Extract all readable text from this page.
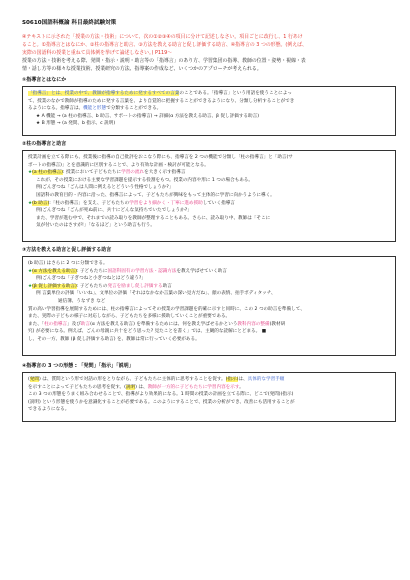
S0610国語科概論 科目最終試験対策
④テキストに示された「授業の方法・技術」について、次の①②③④の項目に分けて記述しなさい。項目ごとに改行し、1 行あけ
ること。①指導言とはなにか、②柱の指導言と助言、③方法を教える助言と促し評価する助言、④指導言の 3 つの形態。(例えば、
実際の国語科の授業と重ねて具体例を挙げて論述しなさい。) P119〜
授業の方法・技術を考える際、発問・指示・説明・助言等の「指導言」のあり方、学習集団の指導、教師の位置・姿勢・視線・表
情・話し方等の様々な授業技術、授業研究の方法、指導案の作成など、いくつかのアプローチが考えられる。
①指導言とはなにか

「指導言」とは、授業の中で、教師が指導するために発するすべての言葉のことである。「指導言」という用語を使うことによっ

て、授業のなかで教師が指導のために発する言葉を、より自覚的に把握することができるようになり、分類し分析することができ

るようになる。指導言は、機能と形態で分類することができる。

★ A 機能 → (a 柱の指導言、b 助言、サポートの指導言) → 詳細(α 方法を教える助言、β 促し評価する助言)

★ B 形態 → (a 発問、b 指示、c 説明)

②柱の指導言と助言

授業計画を立てる際にも、授業後に指導の自己批評をおこなう際にも、指導言を 2 つの機能で分類し「柱の指導言」と「助言(サ

ポートの指導言)」とを意識的に区別することで、より有効な計画・検討が可能となる。

★(a 柱の指導言): 授業において子どもたちに学習の流れを大きく示す指導言

これが、その授業における主要な学習課題を提示する役割をもつ。授業の内容や形に 1 つの場合もある。

例)ごんぎつね「ごんは人間に例えるとどういう性格でしょうか?」

国語科の教育目的・内容に沿った、指導言によって、子どもたちが興味をもって主体的に学習に向かうように導く。

★(b 助言):「柱の指導言」を支え、子どもたちの学習をより細かく・丁寧に進め援助していく指導言

例)ごんぎつね「ごんが死ぬ前に、兵十にどんな気持ちでいたでしょうか?」

また、学習が進む中で、それまでの読み取りを教師が整理することもある。さらに、読み取り中、教師は「そこに

気が付いたのはさすが!」「なるほど」という助言も行う。

③方法を教える助言と促し評価する助言

(b 助言) はさらに 2 つに分類できる。

★(α 方法を教える助言): 子どもたちに国語科固有の学習方法・認識方法を教え学ばせていく助言

例)ごんぎつね「子ぎつねと小ぎつねとはどう違う?」

★(β 促し評価する助言): 子どもたちの発言を励まし促し評価する助言

例 言葉単位の評価「いいね」、文単位の評価「それはなかなか言葉の深い見方だね」、顔の表情、拍手ボディタッチ、

通信簿、うなずき など

質の高い学習指導を展開するためには、柱の指導言によってその授業の学習課題を的確に示すと同時に、この 2 つの助言を準備して、

また、実際の子どもの様子に対応しながら、子どもたちを多様に援助していくことが重要である。

また、「柱の指導言」及び助言(α 方法を教える助言) を準備するためには、何を教え学ばせるかという教科内容の整備(教材研

究) が必要になる。例えば、ごんの母親に兵十をどう思った? 見たことを書く」では、主観的な読解にとどまる。 ■

し、その一方、教師 (β 促し評価する助言) を、教師は常に行っていく必要がある。

④指導言の 3 つの形態 : 「発問」「指示」「説明」

(発問) は、質問という形で対話の形をとりながら、子どもたちに主体的に思考することを促す。(指示)は、具体的な学習手順

を示すことによって子どもたちの思考を促す。(説明) は、教師が一方的に子どもたちに学習内容を示す。

この 3 つの形態をうまく組み合わせることで、指導がより効果的になる。1 時間の授業の計画を立てる際に、どこで(発問)(指示)

(説明) という形態を使うかを意識化することが必要である。このようにすることで、授業の分析ができ、改善にも活用することが

できるようになる。
